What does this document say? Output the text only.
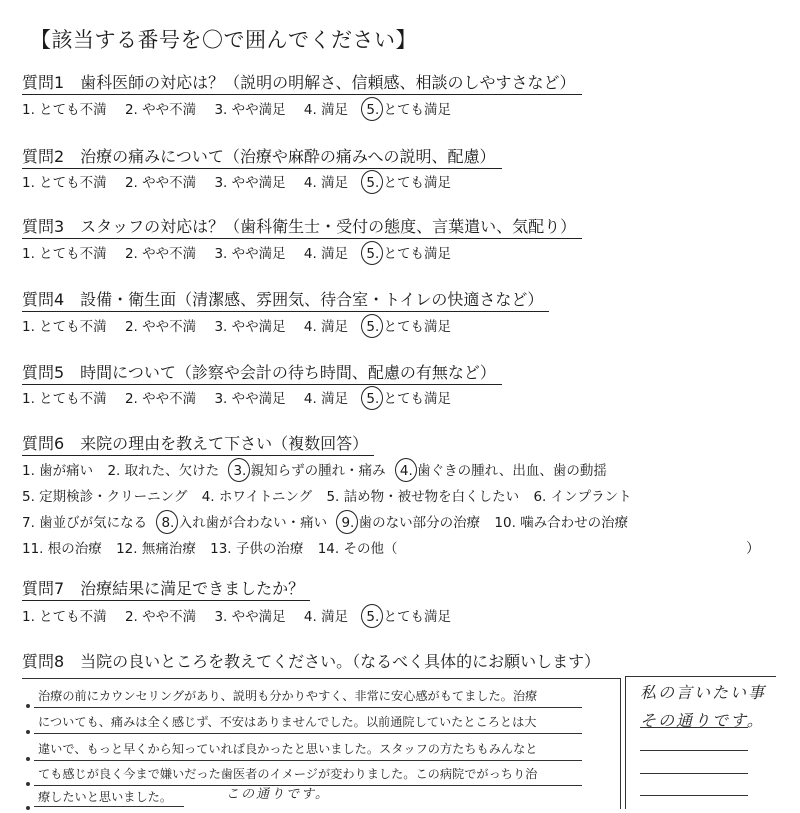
【該当する番号を〇で囲んでください】
質問1　歯科医師の対応は？（説明の明解さ、信頼感、相談のしやすさなど）
1. とても不満 2. やや不満 3. やや満足 4. 満足 5. とても満足
質問2　治療の痛みについて（治療や麻酔の痛みへの説明、配慮）
1. とても不満 2. やや不満 3. やや満足 4. 満足 5. とても満足
質問3　スタッフの対応は？（歯科衛生士・受付の態度、言葉遣い、気配り）
1. とても不満 2. やや不満 3. やや満足 4. 満足 5. とても満足
質問4　設備・衛生面（清潔感、雰囲気、待合室・トイレの快適さなど）
1. とても不満 2. やや不満 3. やや満足 4. 満足 5. とても満足
質問5　時間について（診察や会計の待ち時間、配慮の有無など）
1. とても不満 2. やや不満 3. やや満足 4. 満足 5. とても満足
質問6　来院の理由を教えて下さい（複数回答）
1. 歯が痛い 2. 取れた、欠けた 3. 親知らずの腫れ・痛み 4. 歯ぐきの腫れ、出血、歯の動揺
5. 定期検診・クリーニング 4. ホワイトニング 5. 詰め物・被せ物を白くしたい 6. インプラント
7. 歯並びが気になる 8. 入れ歯が合わない・痛い 9. 歯のない部分の治療 10. 噛み合わせの治療
11. 根の治療 12. 無痛治療 13. 子供の治療 14. その他（	）
質問7　治療結果に満足できましたか？
1. とても不満 2. やや不満 3. やや満足 4. 満足 5. とても満足
質問8　当院の良いところを教えてください。（なるべく具体的にお願いします）
治療の前にカウンセリングがあり、説明も分かりやすく、非常に安心感がもてました。治療
についても、痛みは全く感じず、不安はありませんでした。以前通院していたところとは大
違いで、もっと早くから知っていれば良かったと思いました。スタッフの方たちもみんなと
ても感じが良く今まで嫌いだった歯医者のイメージが変わりました。この病院でがっちり治
療したいと思いました。	この通りです。
私の言いたい事
その通りです。
